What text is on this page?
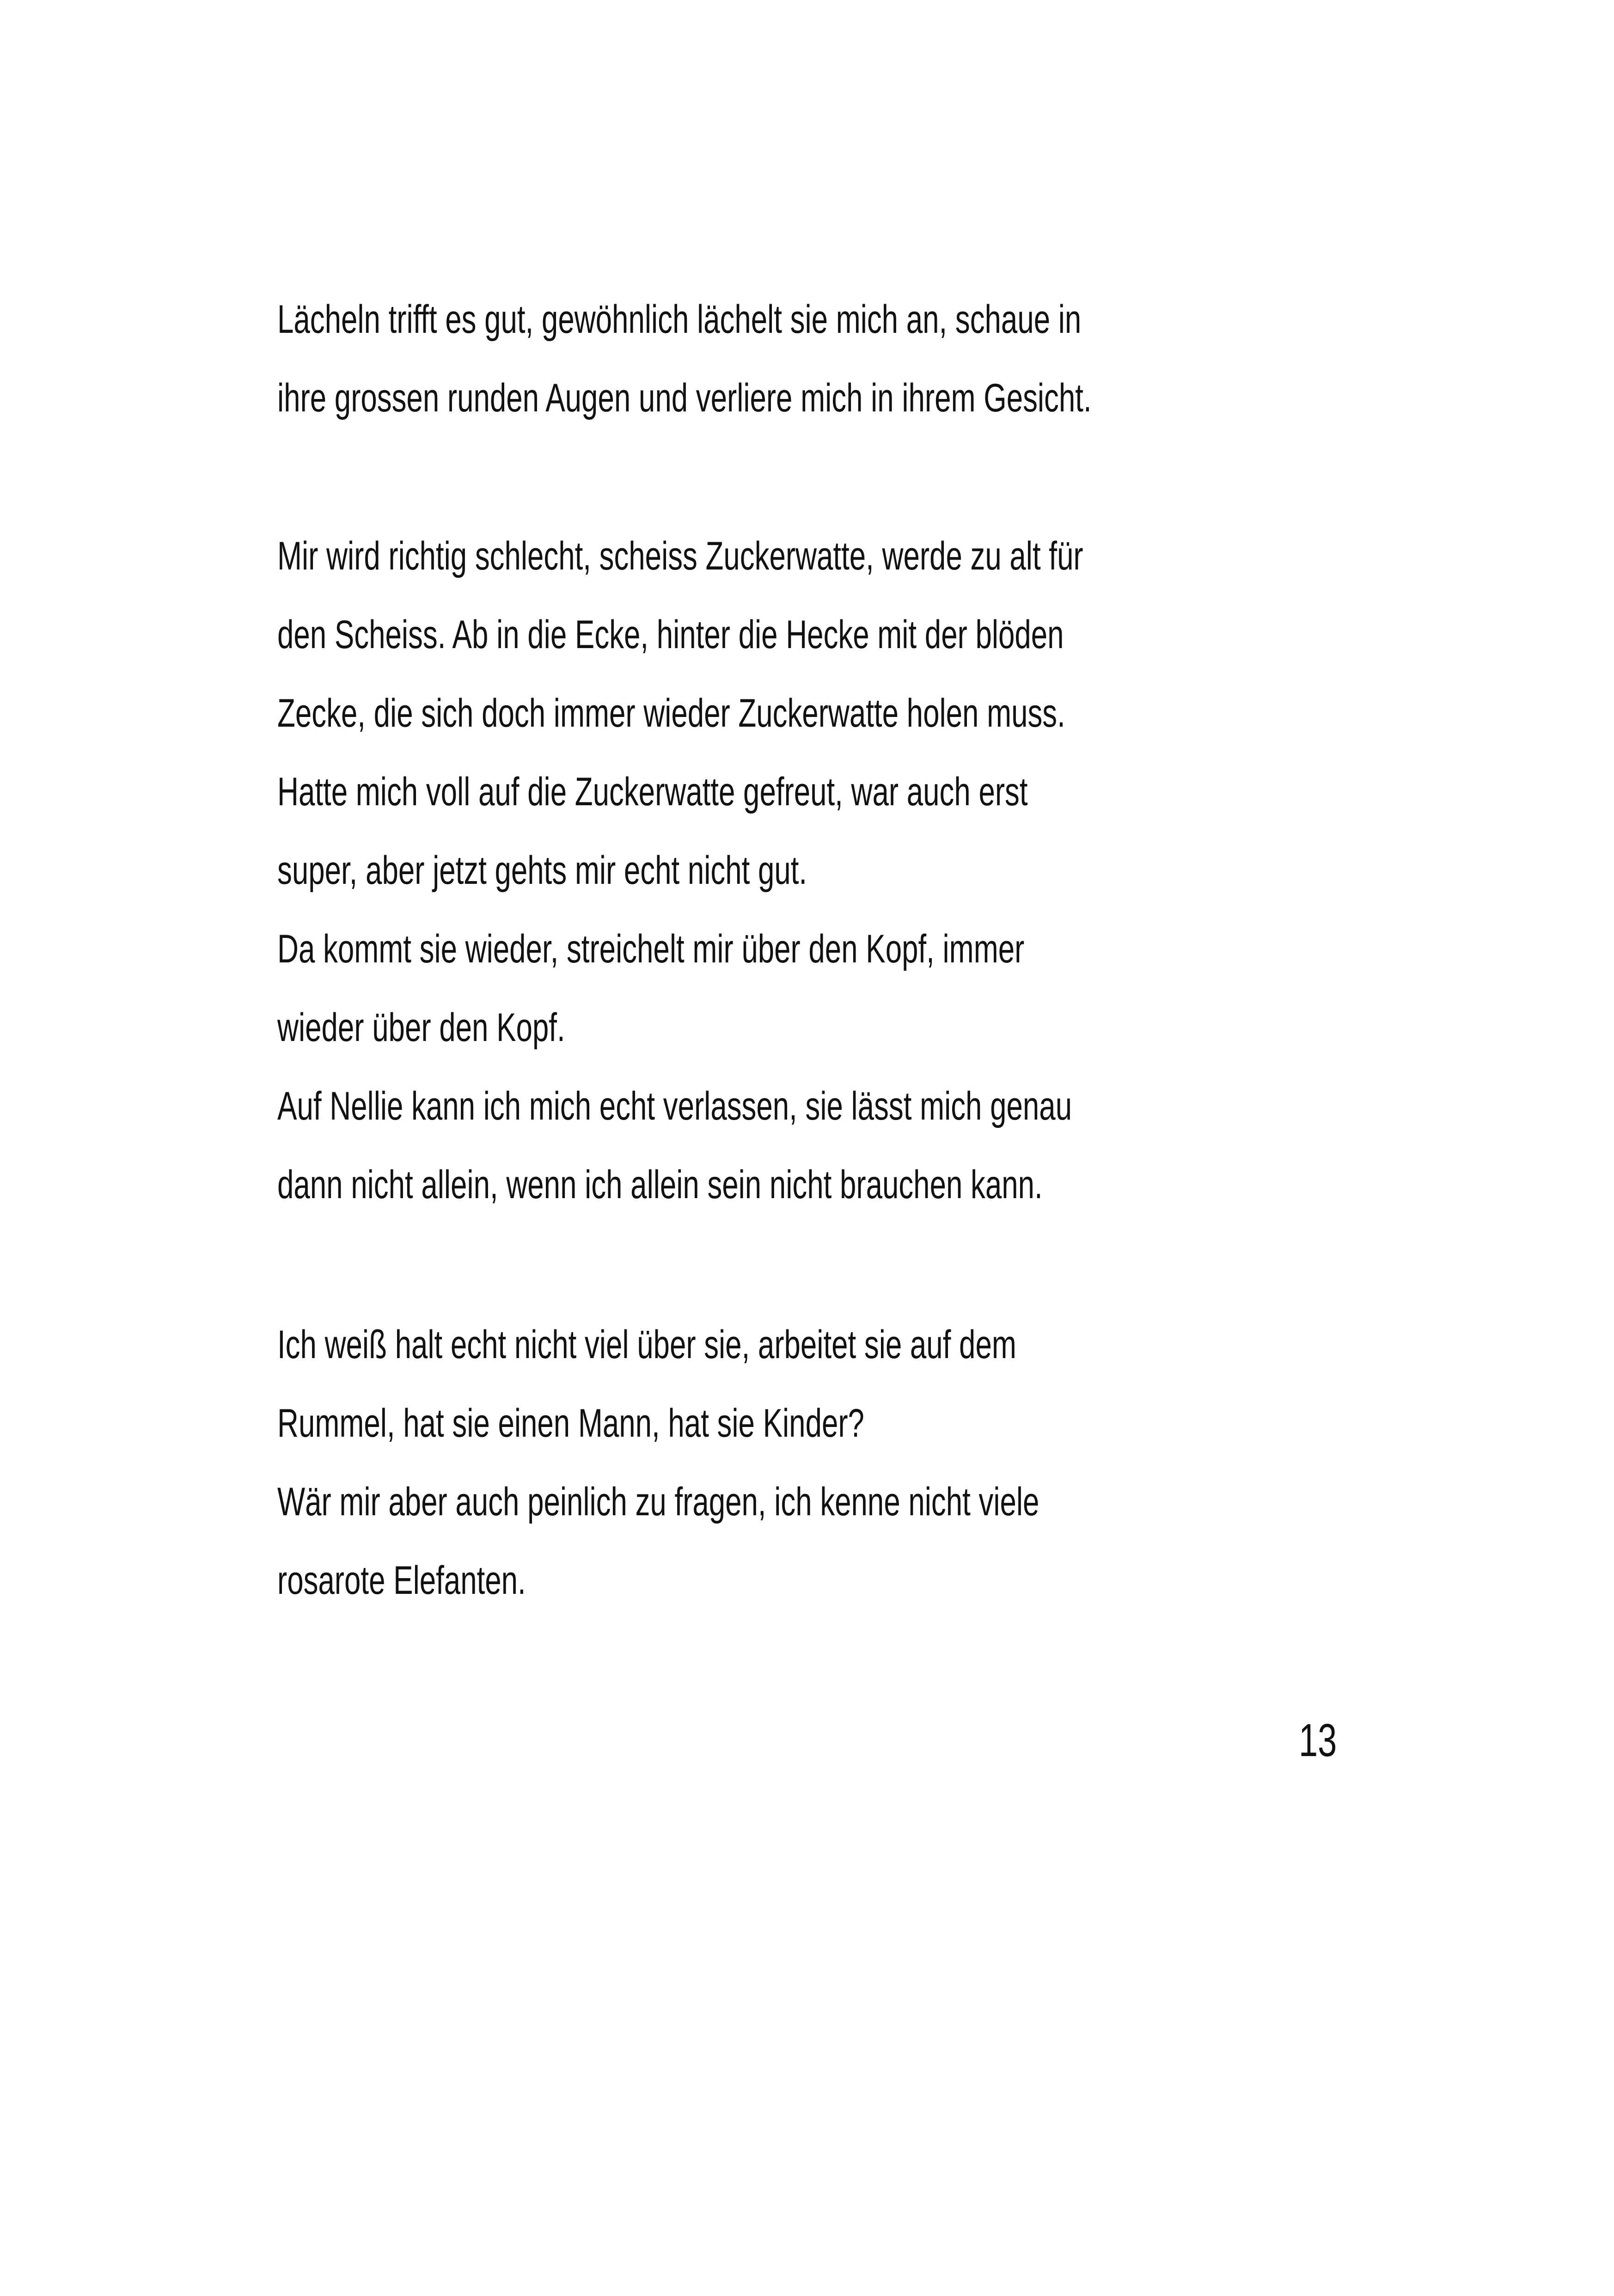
Lächeln trifft es gut, gewöhnlich lächelt sie mich an, schaue in
ihre grossen runden Augen und verliere mich in ihrem Gesicht.
Mir wird richtig schlecht, scheiss Zuckerwatte, werde zu alt für
den Scheiss. Ab in die Ecke, hinter die Hecke mit der blöden
Zecke, die sich doch immer wieder Zuckerwatte holen muss.
Hatte mich voll auf die Zuckerwatte gefreut, war auch erst
super, aber jetzt gehts mir echt nicht gut.
Da kommt sie wieder, streichelt mir über den Kopf, immer
wieder über den Kopf.
Auf Nellie kann ich mich echt verlassen, sie lässt mich genau
dann nicht allein, wenn ich allein sein nicht brauchen kann.
Ich weiß halt echt nicht viel über sie, arbeitet sie auf dem
Rummel, hat sie einen Mann, hat sie Kinder?
Wär mir aber auch peinlich zu fragen, ich kenne nicht viele
rosarote Elefanten.
13
